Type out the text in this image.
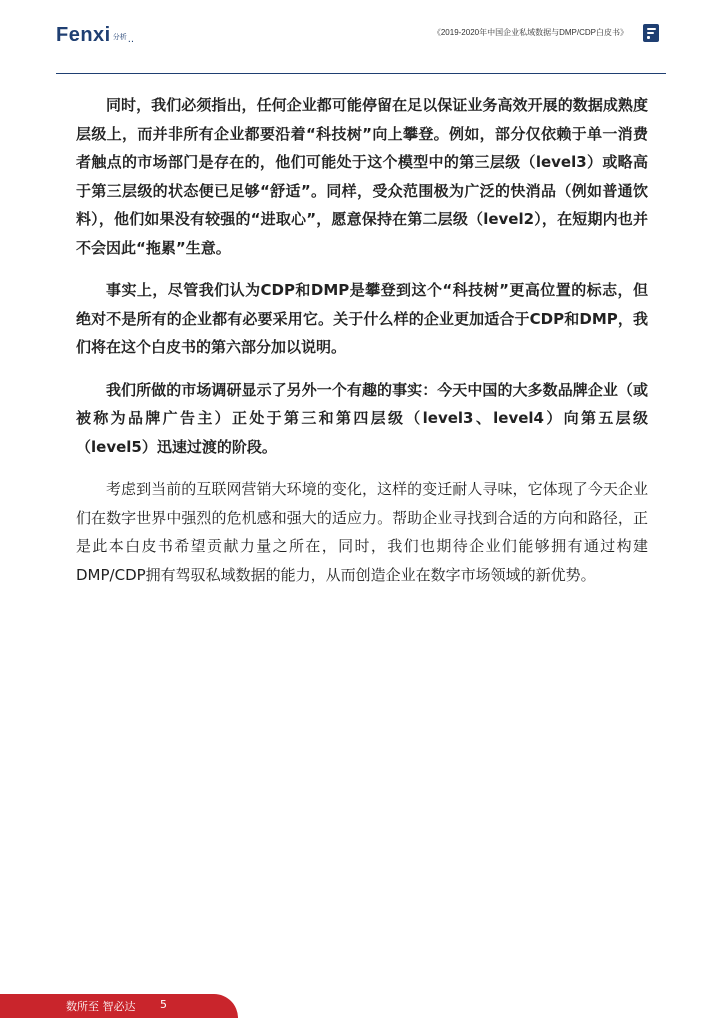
Fenxi 分析 ..
《2019-2020年中国企业私域数据与DMP/CDP白皮书》

同时，我们必须指出，任何企业都可能停留在足以保证业务高效开展的数据成熟度层级上，而并非所有企业都要沿着“科技树”向上攀登。例如，部分仅依赖于单一消费者触点的市场部门是存在的，他们可能处于这个模型中的第三层级（level3）或略高于第三层级的状态便已足够“舒适”。同样，受众范围极为广泛的快消品（例如普通饮料），他们如果没有较强的“进取心”，愿意保持在第二层级（level2），在短期内也并不会因此“拖累”生意。

事实上，尽管我们认为CDP和DMP是攀登到这个“科技树”更高位置的标志，但绝对不是所有的企业都有必要采用它。关于什么样的企业更加适合于CDP和DMP，我们将在这个白皮书的第六部分加以说明。

我们所做的市场调研显示了另外一个有趣的事实：今天中国的大多数品牌企业（或被称为品牌广告主）正处于第三和第四层级（level3、level4）向第五层级（level5）迅速过渡的阶段。

考虑到当前的互联网营销大环境的变化，这样的变迁耐人寻味，它体现了今天企业们在数字世界中强烈的危机感和强大的适应力。帮助企业寻找到合适的方向和路径，正是此本白皮书希望贡献力量之所在，同时，我们也期待企业们能够拥有通过构建DMP/CDP拥有驾驭私域数据的能力，从而创造企业在数字市场领域的新优势。

数所至 智必达 5
